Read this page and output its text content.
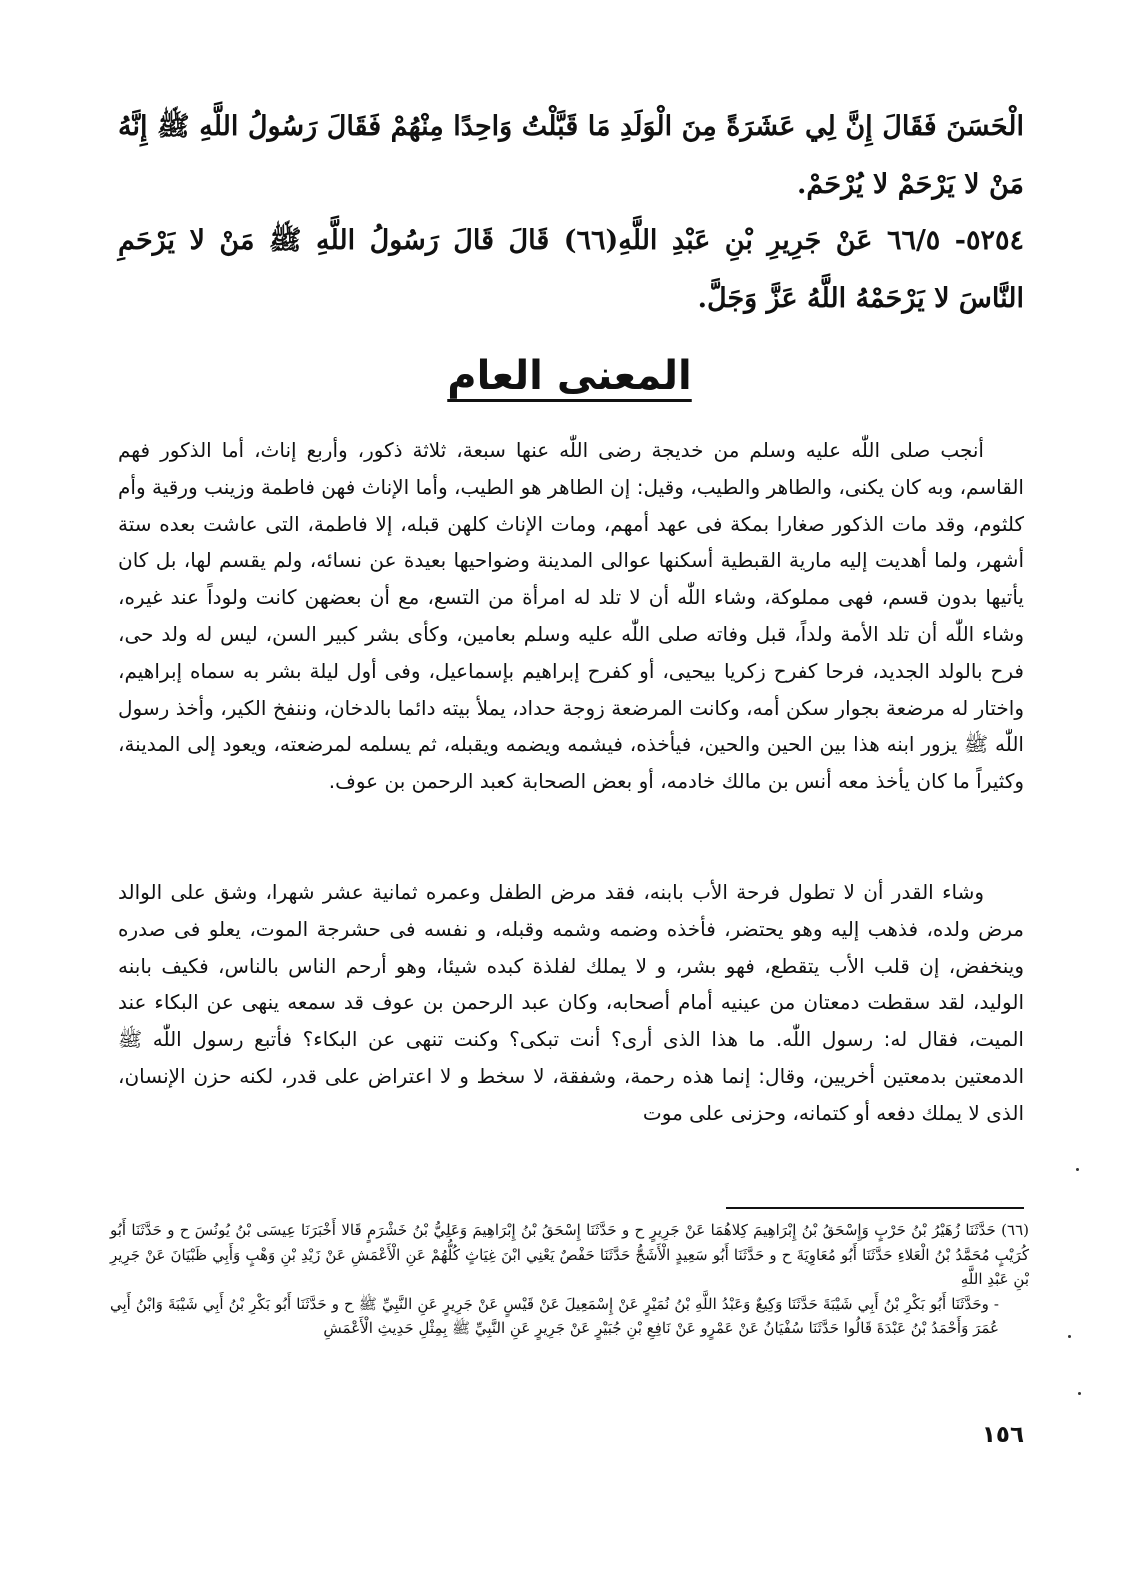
الْحَسَنَ فَقَالَ إِنَّ لِي عَشَرَةً مِنَ الْوَلَدِ مَا قَبَّلْتُ وَاحِدًا مِنْهُمْ فَقَالَ رَسُولُ اللَّهِ ﷺ إِنَّهُ مَنْ لا يَرْحَمْ لا يُرْحَمْ.

٥٢٥٤- ٦٦/٥ عَنْ جَرِيرِ بْنِ عَبْدِ اللَّهِ(٦٦) قَالَ قَالَ رَسُولُ اللَّهِ ﷺ مَنْ لا يَرْحَمِ النَّاسَ لا يَرْحَمْهُ اللَّهُ عَزَّ وَجَلَّ.

المعنى العام

أنجب صلى اللّٰه عليه وسلم من خديجة رضى اللّٰه عنها سبعة، ثلاثة ذكور، وأربع إناث، أما الذكور فهم القاسم، وبه كان يكنى، والطاهر والطيب، وقيل: إن الطاهر هو الطيب، وأما الإناث فهن فاطمة وزينب ورقية وأم كلثوم، وقد مات الذكور صغارا بمكة فى عهد أمهم، ومات الإناث كلهن قبله، إلا فاطمة، التى عاشت بعده ستة أشهر، ولما أهديت إليه مارية القبطية أسكنها عوالى المدينة وضواحيها بعيدة عن نسائه، ولم يقسم لها، بل كان يأتيها بدون قسم، فهى مملوكة، وشاء اللّٰه أن لا تلد له امرأة من التسع، مع أن بعضهن كانت ولوداً عند غيره، وشاء اللّٰه أن تلد الأمة ولداً، قبل وفاته صلى اللّٰه عليه وسلم بعامين، وكأى بشر كبير السن، ليس له ولد حى، فرح بالولد الجديد، فرحا كفرح زكريا بيحيى، أو كفرح إبراهيم بإسماعيل، وفى أول ليلة بشر به سماه إبراهيم، واختار له مرضعة بجوار سكن أمه، وكانت المرضعة زوجة حداد، يملأ بيته دائما بالدخان، وننفخ الكير، وأخذ رسول اللّٰه ﷺ يزور ابنه هذا بين الحين والحين، فيأخذه، فيشمه ويضمه ويقبله، ثم يسلمه لمرضعته، ويعود إلى المدينة، وكثيراً ما كان يأخذ معه أنس بن مالك خادمه، أو بعض الصحابة كعبد الرحمن بن عوف.

وشاء القدر أن لا تطول فرحة الأب بابنه، فقد مرض الطفل وعمره ثمانية عشر شهرا، وشق على الوالد مرض ولده، فذهب إليه وهو يحتضر، فأخذه وضمه وشمه وقبله، و نفسه فى حشرجة الموت، يعلو فى صدره وينخفض، إن قلب الأب يتقطع، فهو بشر، و لا يملك لفلذة كبده شيئا، وهو أرحم الناس بالناس، فكيف بابنه الوليد، لقد سقطت دمعتان من عينيه أمام أصحابه، وكان عبد الرحمن بن عوف قد سمعه ينهى عن البكاء عند الميت، فقال له: رسول اللّٰه. ما هذا الذى أرى؟ أنت تبكى؟ وكنت تنهى عن البكاء؟ فأتبع رسول اللّٰه ﷺ الدمعتين بدمعتين أخريين، وقال: إنما هذه رحمة، وشفقة، لا سخط و لا اعتراض على قدر، لكنه حزن الإنسان، الذى لا يملك دفعه أو كتمانه، وحزنى على موت

(٦٦) حَدَّثَنَا زُهَيْرُ بْنُ حَرْبٍ وَإِسْحَقُ بْنُ إِبْرَاهِيمَ كِلاهُمَا عَنْ جَرِيرٍ ح و حَدَّثَنَا إِسْحَقُ بْنُ إِبْرَاهِيمَ وَعَلِيُّ بْنُ خَشْرَمٍ قَالا أَخْبَرَنَا عِيسَى بْنُ يُونُسَ ح و حَدَّثَنَا أَبُو كُرَيْبٍ مُحَمَّدُ بْنُ الْعَلاءِ حَدَّثَنَا أَبُو مُعَاوِيَةَ ح و حَدَّثَنَا أَبُو سَعِيدٍ الْأَشَجُّ حَدَّثَنَا حَفْصٌ يَعْنِي ابْنَ غِيَاثٍ كُلُّهُمْ عَنِ الْأَعْمَشِ عَنْ زَيْدِ بْنِ وَهْبٍ وَأَبِي ظَبْيَانَ عَنْ جَرِيرِ بْنِ عَبْدِ اللَّهِ
- وحَدَّثَنَا أَبُو بَكْرِ بْنُ أَبِي شَيْبَةَ حَدَّثَنَا وَكِيعٌ وَعَبْدُ اللَّهِ بْنُ نُمَيْرٍ عَنْ إِسْمَعِيلَ عَنْ قَيْسٍ عَنْ جَرِيرٍ عَنِ النَّبِيِّ ﷺ ح و حَدَّثَنَا أَبُو بَكْرِ بْنُ أَبِي شَيْبَةَ وَابْنُ أَبِي عُمَرَ وَأَحْمَدُ بْنُ عَبْدَةَ قَالُوا حَدَّثَنَا سُفْيَانُ عَنْ عَمْرٍو عَنْ نَافِعِ بْنِ جُبَيْرٍ عَنْ جَرِيرٍ عَنِ النَّبِيِّ ﷺ بِمِثْلِ حَدِيثِ الْأَعْمَشِ

١٥٦
